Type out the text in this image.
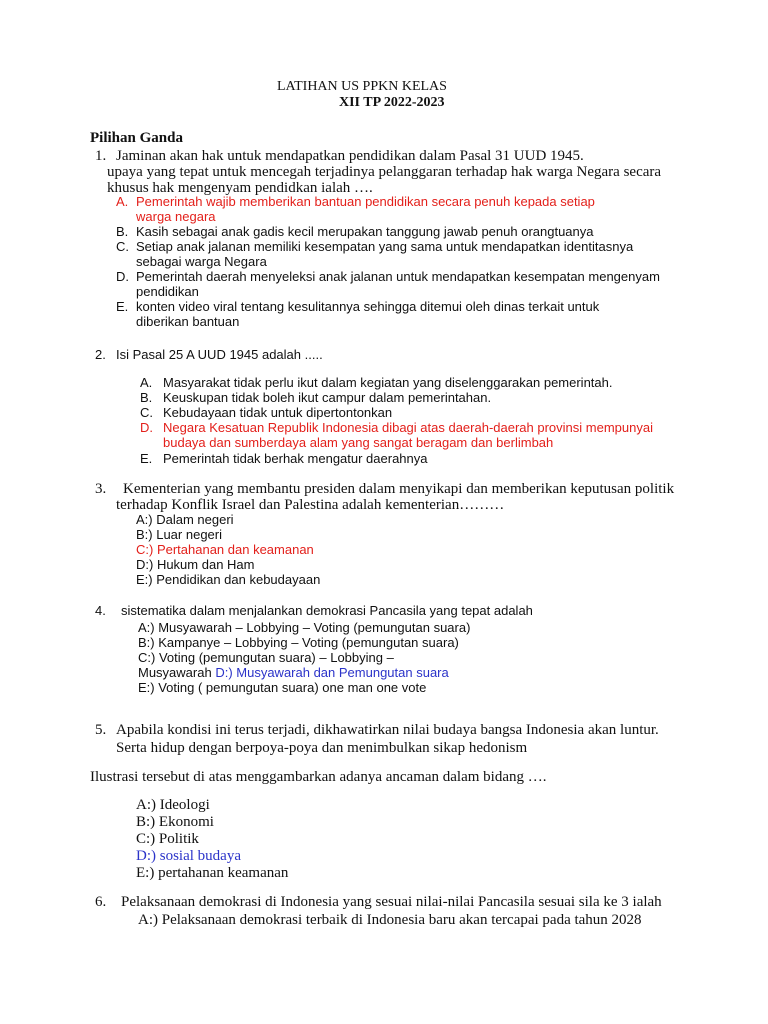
LATIHAN US PPKN KELAS
XII TP 2022-2023
Pilihan Ganda
1. Jaminan akan hak untuk mendapatkan pendidikan dalam Pasal 31 UUD 1945.
upaya yang tepat untuk mencegah terjadinya pelanggaran terhadap hak warga Negara secara
khusus hak mengenyam pendidkan ialah ….
A. Pemerintah wajib memberikan bantuan pendidikan secara penuh kepada setiap
warga negara
B. Kasih sebagai anak gadis kecil merupakan tanggung jawab penuh orangtuanya
C. Setiap anak jalanan memiliki kesempatan yang sama untuk mendapatkan identitasnya
sebagai warga Negara
D. Pemerintah daerah menyeleksi anak jalanan untuk mendapatkan kesempatan mengenyam
pendidikan
E. konten video viral tentang kesulitannya sehingga ditemui oleh dinas terkait untuk
diberikan bantuan
2. Isi Pasal 25 A UUD 1945 adalah .....
A. Masyarakat tidak perlu ikut dalam kegiatan yang diselenggarakan pemerintah.
B. Keuskupan tidak boleh ikut campur dalam pemerintahan.
C. Kebudayaan tidak untuk dipertontonkan
D. Negara Kesatuan Republik Indonesia dibagi atas daerah-daerah provinsi mempunyai
budaya dan sumberdaya alam yang sangat beragam dan berlimbah
E. Pemerintah tidak berhak mengatur daerahnya
3. Kementerian yang membantu presiden dalam menyikapi dan memberikan keputusan politik
terhadap Konflik Israel dan Palestina adalah kementerian………
A:) Dalam negeri
B:) Luar negeri
C:) Pertahanan dan keamanan
D:) Hukum dan Ham
E:) Pendidikan dan kebudayaan
4. sistematika dalam menjalankan demokrasi Pancasila yang tepat adalah
A:) Musyawarah – Lobbying – Voting (pemungutan suara)
B:) Kampanye – Lobbying – Voting (pemungutan suara)
C:) Voting (pemungutan suara) – Lobbying –
Musyawarah D:) Musyawarah dan Pemungutan suara
E:) Voting ( pemungutan suara) one man one vote
5. Apabila kondisi ini terus terjadi, dikhawatirkan nilai budaya bangsa Indonesia akan luntur.
Serta hidup dengan berpoya-poya dan menimbulkan sikap hedonism
Ilustrasi tersebut di atas menggambarkan adanya ancaman dalam bidang ….
A:) Ideologi
B:) Ekonomi
C:) Politik
D:) sosial budaya
E:) pertahanan keamanan
6. Pelaksanaan demokrasi di Indonesia yang sesuai nilai-nilai Pancasila sesuai sila ke 3 ialah
A:) Pelaksanaan demokrasi terbaik di Indonesia baru akan tercapai pada tahun 2028
